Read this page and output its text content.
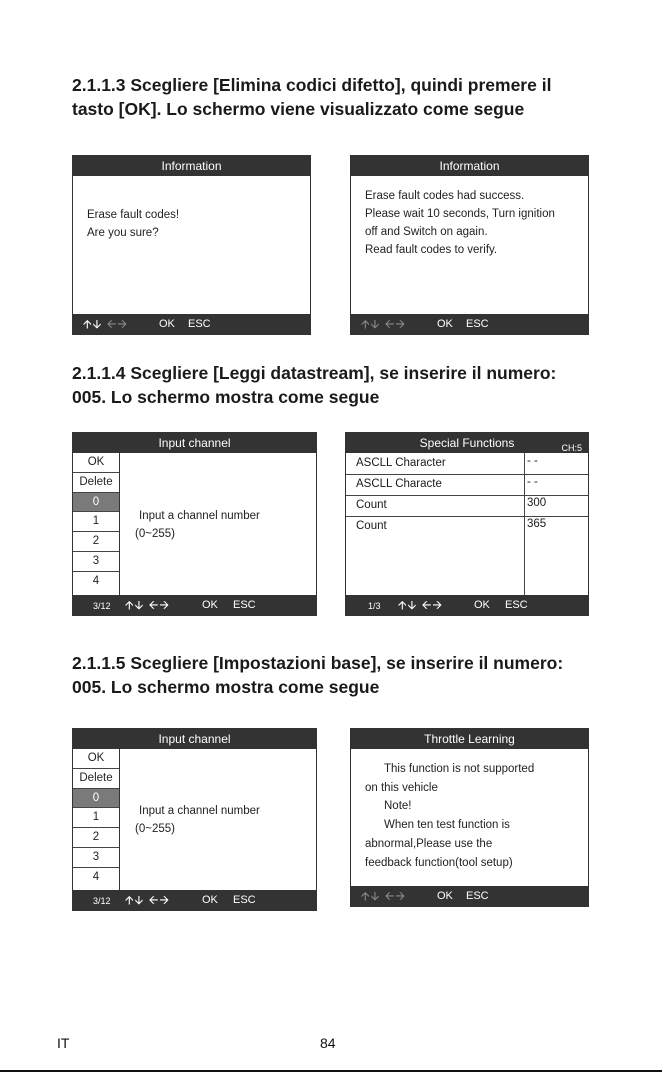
2.1.1.3 Scegliere [Elimina codici difetto], quindi premere il
tasto [OK]. Lo schermo viene visualizzato come segue
Information
Erase fault codes!
Are you sure?
🡩🡫 🡨🡪	OK ESC
Information
Erase fault codes had success.
Please wait 10 seconds, Turn ignition
off and Switch on again.
Read fault codes to verify.
🡩🡫 🡨🡪	OK ESC
2.1.1.4 Scegliere [Leggi datastream], se inserire il numero:
005. Lo schermo mostra come segue
Input channel
OK
Delete
0
1
2
3
4
Input a channel number
(0~255)
3/12 🡩🡫 🡨🡪	OK ESC
Special Functions	CH:5
ASCLL Character	- -
ASCLL Characte	- -
Count	300
Count	365
1/3 🡩🡫 🡨🡪	OK ESC
2.1.1.5 Scegliere [Impostazioni base], se inserire il numero:
005. Lo schermo mostra come segue
Input channel
OK
Delete
0
1
2
3
4
Input a channel number
(0~255)
3/12 🡩🡫 🡨🡪	OK ESC
Throttle Learning
This function is not supported
on this vehicle
Note!
When ten test function is
abnormal,Please use the
feedback function(tool setup)
🡩🡫 🡨🡪	OK ESC
IT	84
